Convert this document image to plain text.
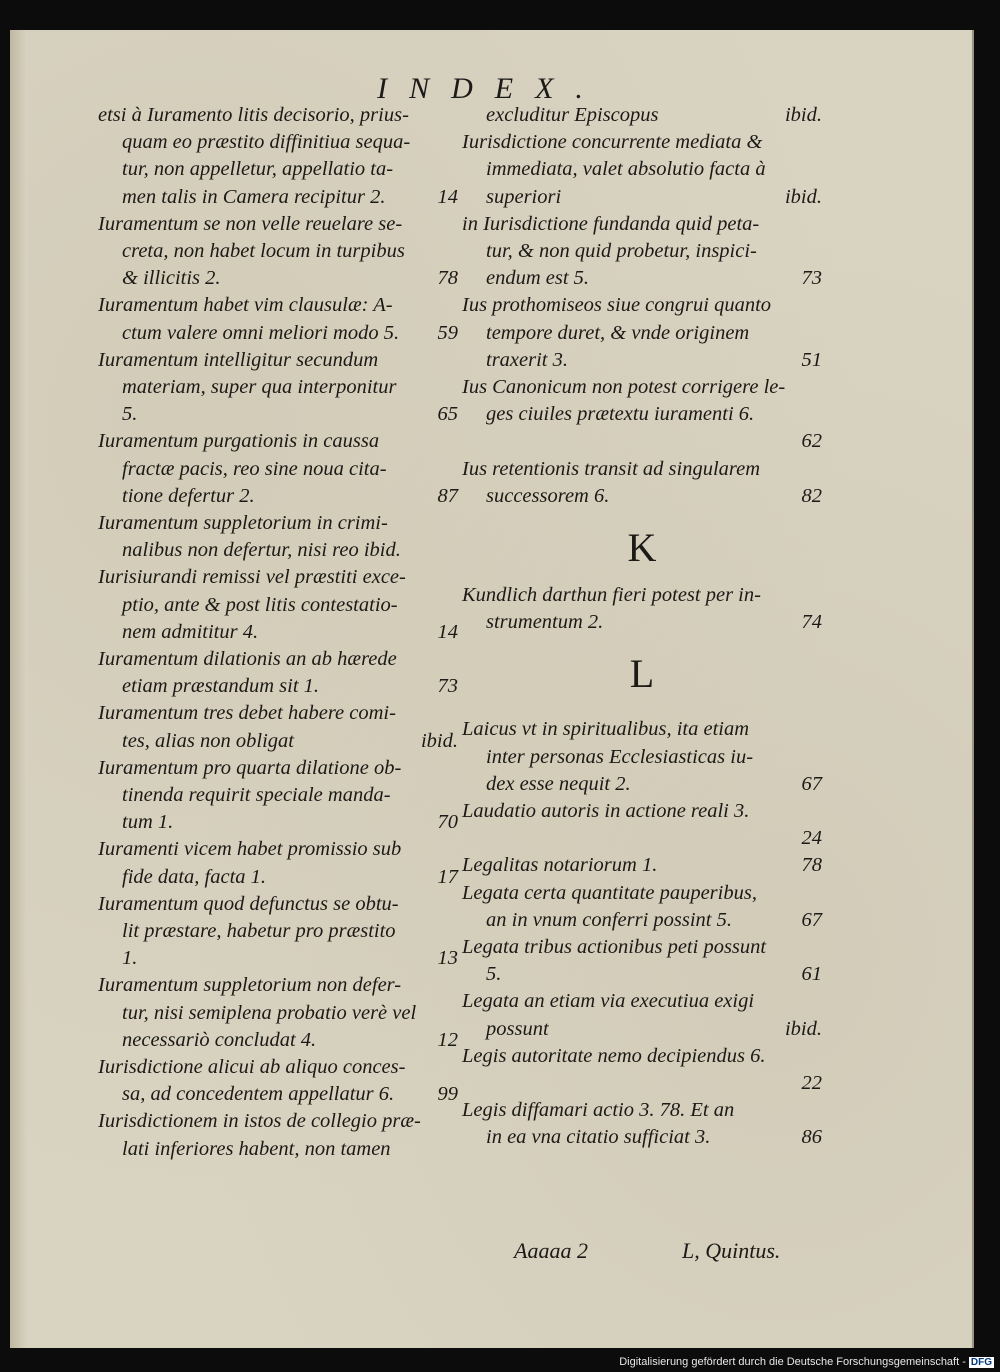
INDEX.
etsi à Iuramento litis decisorio, prius-
quam eo præstito diffinitiua sequa-
tur, non appelletur, appellatio ta-
men talis in Camera recipitur 2.	14
Iuramentum se non velle reuelare se-
creta, non habet locum in turpibus
& illicitis 2.	78
Iuramentum habet vim clausulæ: A-
ctum valere omni meliori modo 5. 59
Iuramentum intelligitur secundum
materiam, super qua interponitur
5.	65
Iuramentum purgationis in caussa
fractæ pacis, reo sine noua cita-
tione defertur 2.	87
Iuramentum suppletorium in crimi-
nalibus non defertur, nisi reo ibid.
Iurisiurandi remissi vel præstiti exce-
ptio, ante & post litis contestatio-
nem admititur 4.	14
Iuramentum dilationis an ab hærede
etiam præstandum sit 1.	73
Iuramentum tres debet habere comi-
tes, alias non obligat	ibid.
Iuramentum pro quarta dilatione ob-
tinenda requirit speciale manda-
tum 1.	70
Iuramenti vicem habet promissio sub
fide data, facta 1.	17
Iuramentum quod defunctus se obtu-
lit præstare, habetur pro præstito
1.	13
Iuramentum suppletorium non defer-
tur, nisi semiplena probatio verè vel
necessariò concludat 4.	12
Iurisdictione alicui ab aliquo conces-
sa, ad concedentem appellatur 6. 99
Iurisdictionem in istos de collegio præ-
lati inferiores habent, non tamen
excluditur Episcopus	ibid.
Iurisdictione concurrente mediata &
immediata, valet absolutio facta à
superiori	ibid.
in Iurisdictione fundanda quid peta-
tur, & non quid probetur, inspici-
endum est 5.	73
Ius prothomiseos siue congrui quanto
tempore duret, & vnde originem
traxerit 3.	51
Ius Canonicum non potest corrigere le-
ges ciuiles prætextu iuramenti 6.
62
Ius retentionis transit ad singularem
successorem 6.	82
K
Kundlich darthun fieri potest per in-
strumentum 2.	74
L
Laicus vt in spiritualibus, ita etiam
inter personas Ecclesiasticas iu-
dex esse nequit 2.	67
Laudatio autoris in actione reali 3.
24
Legalitas notariorum 1.	78
Legata certa quantitate pauperibus,
an in vnum conferri possint 5.	67
Legata tribus actionibus peti possunt
5.	61
Legata an etiam via executiua exigi
possunt	ibid.
Legis autoritate nemo decipiendus 6.
22
Legis diffamari actio 3. 78. Et an
in ea vna citatio sufficiat 3.	86
Aaaaa 2	L, Quintus.
Digitalisierung gefördert durch die Deutsche Forschungsgemeinschaft - DFG
